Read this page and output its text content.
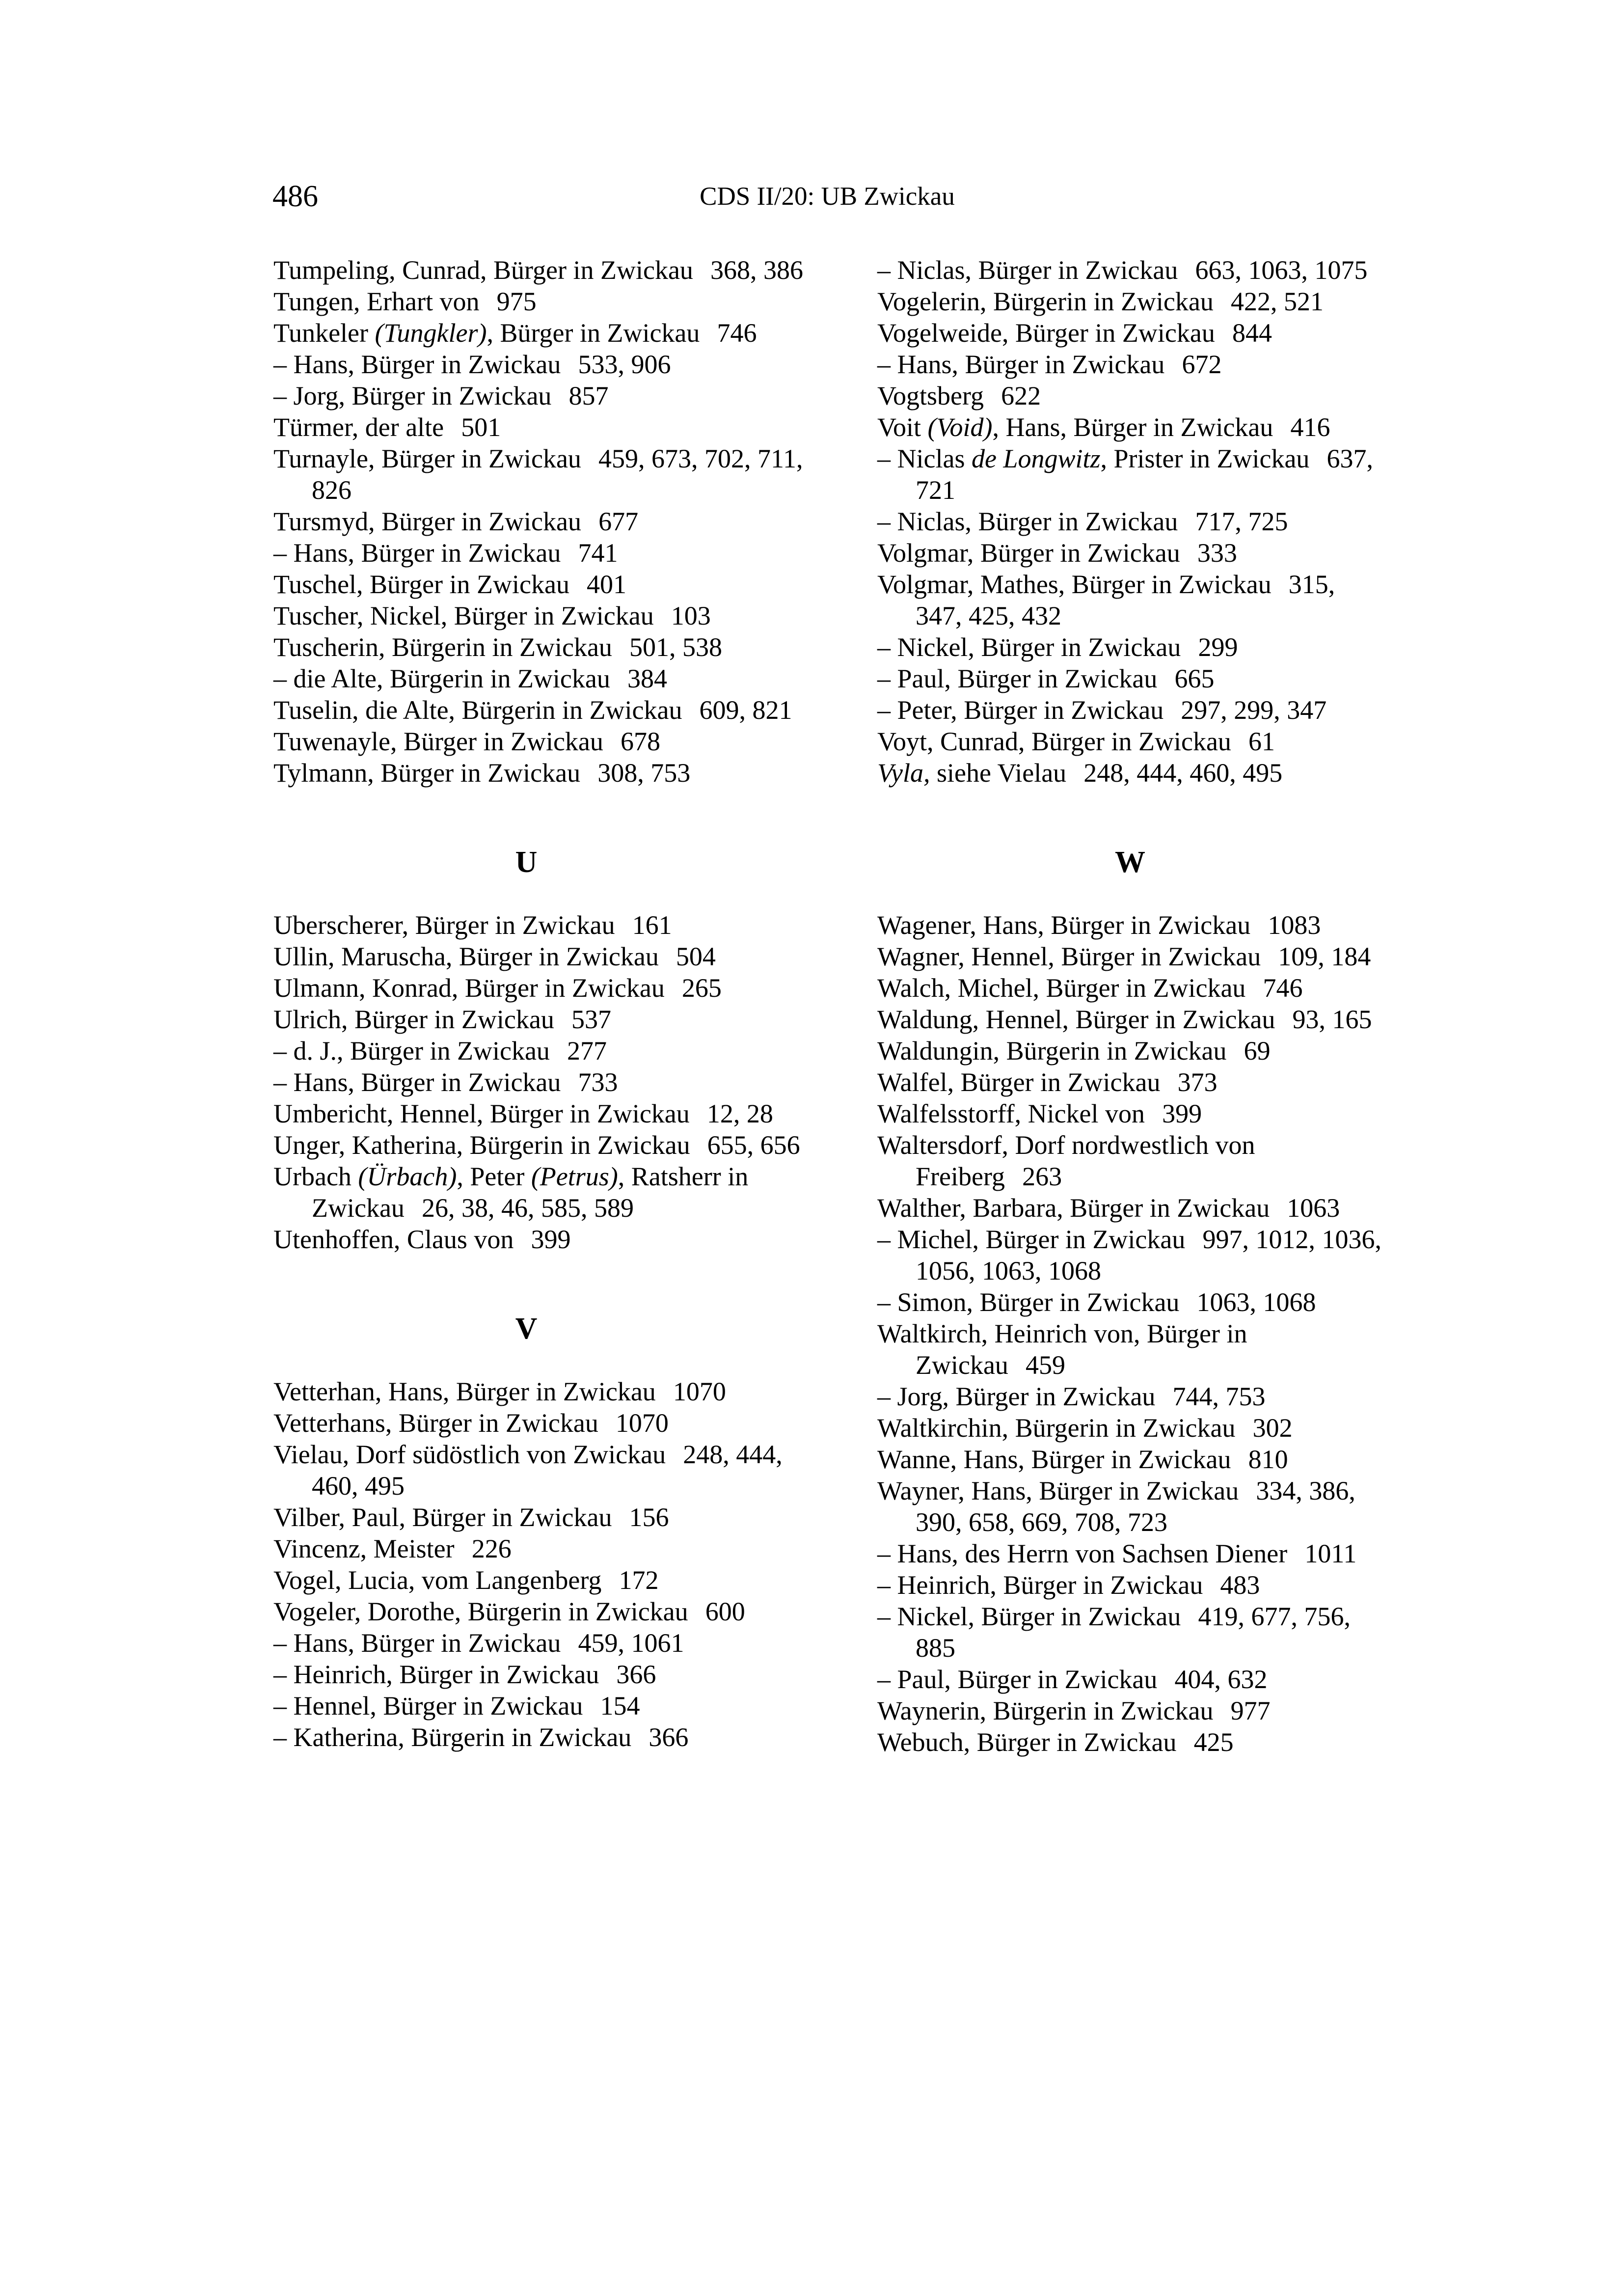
486	CDS II/20: UB Zwickau
Tumpeling, Cunrad, Bürger in Zwickau 368, 386
Tungen, Erhart von 975
Tunkeler (Tungkler), Bürger in Zwickau 746
– Hans, Bürger in Zwickau 533, 906
– Jorg, Bürger in Zwickau 857
Türmer, der alte 501
Turnayle, Bürger in Zwickau 459, 673, 702, 711, 826
Tursmyd, Bürger in Zwickau 677
– Hans, Bürger in Zwickau 741
Tuschel, Bürger in Zwickau 401
Tuscher, Nickel, Bürger in Zwickau 103
Tuscherin, Bürgerin in Zwickau 501, 538
– die Alte, Bürgerin in Zwickau 384
Tuselin, die Alte, Bürgerin in Zwickau 609, 821
Tuwenayle, Bürger in Zwickau 678
Tylmann, Bürger in Zwickau 308, 753
U
Uberscherer, Bürger in Zwickau 161
Ullin, Maruscha, Bürger in Zwickau 504
Ulmann, Konrad, Bürger in Zwickau 265
Ulrich, Bürger in Zwickau 537
– d. J., Bürger in Zwickau 277
– Hans, Bürger in Zwickau 733
Umbericht, Hennel, Bürger in Zwickau 12, 28
Unger, Katherina, Bürgerin in Zwickau 655, 656
Urbach (Ürbach), Peter (Petrus), Ratsherr in Zwickau 26, 38, 46, 585, 589
Utenhoffen, Claus von 399
V
Vetterhan, Hans, Bürger in Zwickau 1070
Vetterhans, Bürger in Zwickau 1070
Vielau, Dorf südöstlich von Zwickau 248, 444, 460, 495
Vilber, Paul, Bürger in Zwickau 156
Vincenz, Meister 226
Vogel, Lucia, vom Langenberg 172
Vogeler, Dorothe, Bürgerin in Zwickau 600
– Hans, Bürger in Zwickau 459, 1061
– Heinrich, Bürger in Zwickau 366
– Hennel, Bürger in Zwickau 154
– Katherina, Bürgerin in Zwickau 366
– Niclas, Bürger in Zwickau 663, 1063, 1075
Vogelerin, Bürgerin in Zwickau 422, 521
Vogelweide, Bürger in Zwickau 844
– Hans, Bürger in Zwickau 672
Vogtsberg 622
Voit (Void), Hans, Bürger in Zwickau 416
– Niclas de Longwitz, Prister in Zwickau 637, 721
– Niclas, Bürger in Zwickau 717, 725
Volgmar, Bürger in Zwickau 333
Volgmar, Mathes, Bürger in Zwickau 315, 347, 425, 432
– Nickel, Bürger in Zwickau 299
– Paul, Bürger in Zwickau 665
– Peter, Bürger in Zwickau 297, 299, 347
Voyt, Cunrad, Bürger in Zwickau 61
Vyla, siehe Vielau 248, 444, 460, 495
W
Wagener, Hans, Bürger in Zwickau 1083
Wagner, Hennel, Bürger in Zwickau 109, 184
Walch, Michel, Bürger in Zwickau 746
Waldung, Hennel, Bürger in Zwickau 93, 165
Waldungin, Bürgerin in Zwickau 69
Walfel, Bürger in Zwickau 373
Walfelsstorff, Nickel von 399
Waltersdorf, Dorf nordwestlich von Freiberg 263
Walther, Barbara, Bürger in Zwickau 1063
– Michel, Bürger in Zwickau 997, 1012, 1036, 1056, 1063, 1068
– Simon, Bürger in Zwickau 1063, 1068
Waltkirch, Heinrich von, Bürger in Zwickau 459
– Jorg, Bürger in Zwickau 744, 753
Waltkirchin, Bürgerin in Zwickau 302
Wanne, Hans, Bürger in Zwickau 810
Wayner, Hans, Bürger in Zwickau 334, 386, 390, 658, 669, 708, 723
– Hans, des Herrn von Sachsen Diener 1011
– Heinrich, Bürger in Zwickau 483
– Nickel, Bürger in Zwickau 419, 677, 756, 885
– Paul, Bürger in Zwickau 404, 632
Waynerin, Bürgerin in Zwickau 977
Webuch, Bürger in Zwickau 425
